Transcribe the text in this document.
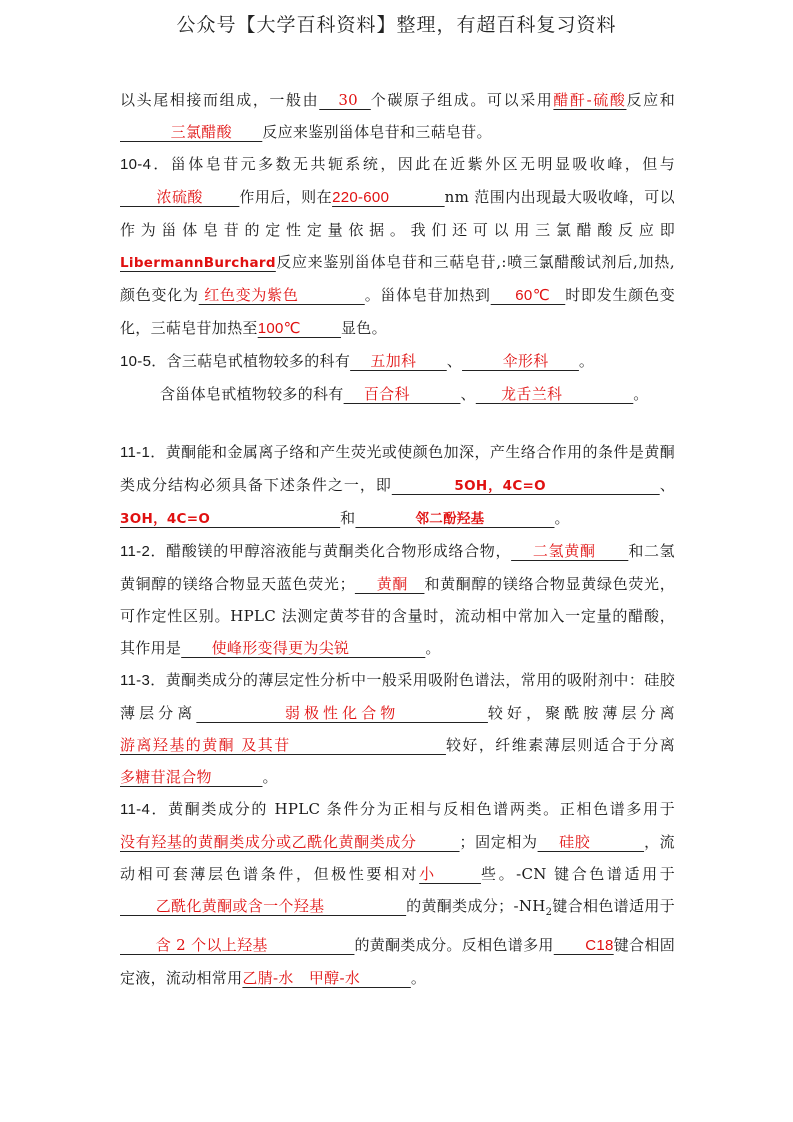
公众号【大学百科资料】整理，有超百科复习资料

以头尾相接而组成，一般由   30  个碳原子组成。可以采用醋酐-硫酸反应和          三氯醋酸      反应来鉴别甾体皂苷和三萜皂苷。

10-4．甾体皂苷元多数无共轭系统，因此在近紫外区无明显吸收峰，但与       浓硫酸       作用后，则在220-600            nm 范围内出现最大吸收峰，可以作为甾体皂苷的定性定量依据。我们还可以用三氯醋酸反应即LibermannBurchard反应来鉴别甾体皂苷和三萜皂苷,:喷三氯醋酸试剂后,加热,颜色变化为 红色变为紫色            。甾体皂苷加热到     60℃   时即发生颜色变化，三萜皂苷加热至100℃         显色。

10-5．含三萜皂甙植物较多的科有    五加科      、        伞形科      。

含甾体皂甙植物较多的科有    百合科          、     龙舌兰科              。

11-1．黄酮能和金属离子络和产生荧光或使颜色加深，产生络合作用的条件是黄酮类成分结构必须具备下述条件之一，即           5OH，4C=O                    、3OH，4C=O                          和            邻二酚羟基              。

11-2．醋酸镁的甲醇溶液能与黄酮类化合物形成络合物，    二氢黄酮      和二氢黄铜醇的镁络合物显天蓝色荧光；    黄酮   和黄酮醇的镁络合物显黄绿色荧光，可作定性区别。HPLC 法测定黄芩苷的含量时，流动相中常加入一定量的醋酸，其作用是      使峰形变得更为尖锐               。

11-3．黄酮类成分的薄层定性分析中一般采用吸附色谱法，常用的吸附剂中：硅胶薄层分离          弱极性化合物          较好，聚酰胺薄层分离游离羟基的黄酮 及其苷                         较好，纤维素薄层则适合于分离多糖苷混合物          。

11-4．黄酮类成分的 HPLC 条件分为正相与反相色谱两类。正相色谱多用于没有羟基的黄酮类成分或乙酰化黄酮类成分        ；固定相为    硅胶          ，流动相可套薄层色谱条件，但极性要相对小      些。-CN 键合色谱适用于       乙酰化黄酮或含一个羟基                的黄酮类成分；$-NH_2$键合相色谱适用于       含 2 个以上羟基                 的黄酮类成分。反相色谱多用       C18键合相固定液，流动相常用乙腈-水   甲醇-水          。
